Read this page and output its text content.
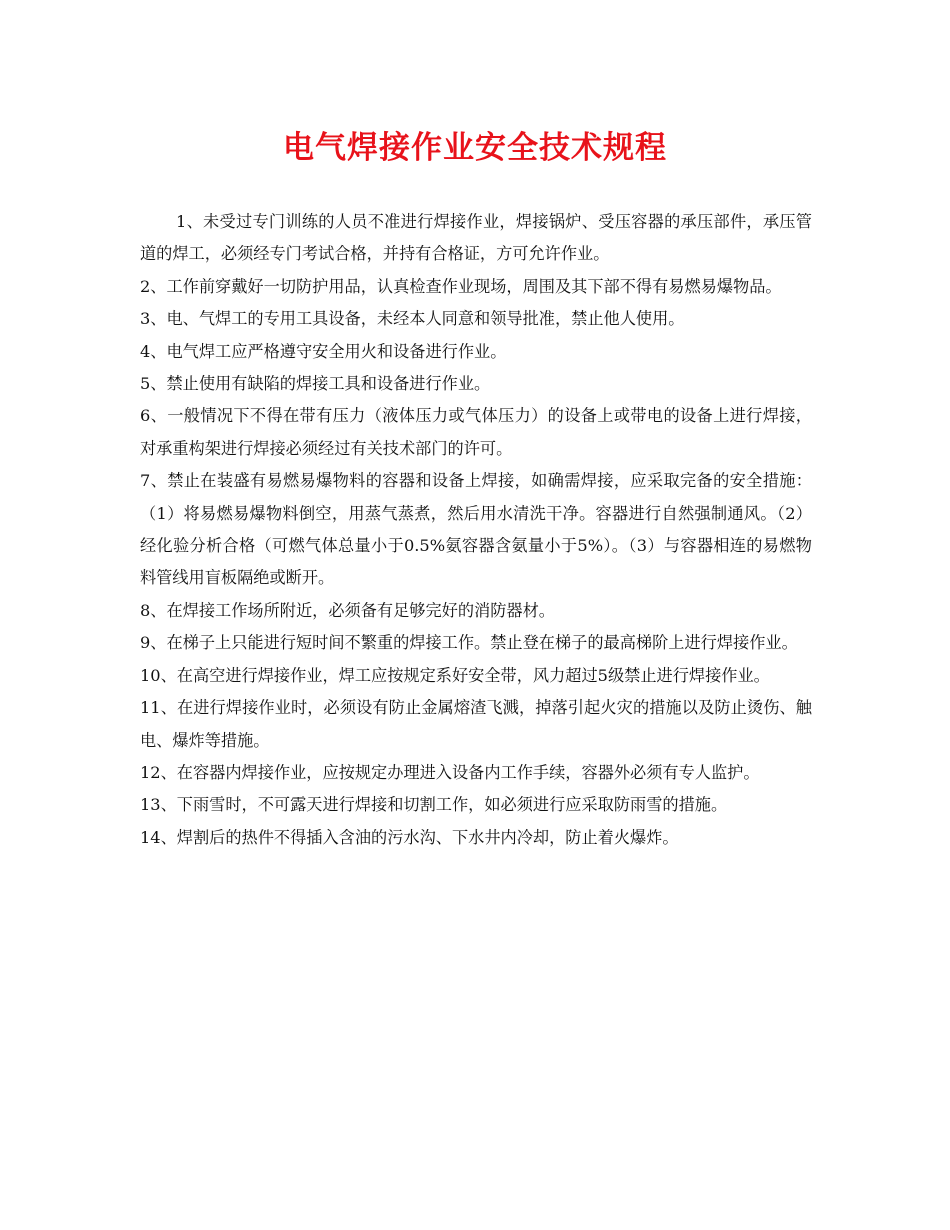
电气焊接作业安全技术规程

1、未受过专门训练的人员不准进行焊接作业，焊接锅炉、受压容器的承压部件，承压管道的焊工，必须经专门考试合格，并持有合格证，方可允许作业。

2、工作前穿戴好一切防护用品，认真检查作业现场，周围及其下部不得有易燃易爆物品。

3、电、气焊工的专用工具设备，未经本人同意和领导批准，禁止他人使用。

4、电气焊工应严格遵守安全用火和设备进行作业。

5、禁止使用有缺陷的焊接工具和设备进行作业。

6、一般情况下不得在带有压力（液体压力或气体压力）的设备上或带电的设备上进行焊接，对承重构架进行焊接必须经过有关技术部门的许可。

7、禁止在装盛有易燃易爆物料的容器和设备上焊接，如确需焊接，应采取完备的安全措施：（1）将易燃易爆物料倒空，用蒸气蒸煮，然后用水清洗干净。容器进行自然强制通风。（2）经化验分析合格（可燃气体总量小于0.5%氨容器含氨量小于5%）。（3）与容器相连的易燃物料管线用盲板隔绝或断开。

8、在焊接工作场所附近，必须备有足够完好的消防器材。

9、在梯子上只能进行短时间不繁重的焊接工作。禁止登在梯子的最高梯阶上进行焊接作业。

10、在高空进行焊接作业，焊工应按规定系好安全带，风力超过5级禁止进行焊接作业。

11、在进行焊接作业时，必须设有防止金属熔渣飞溅，掉落引起火灾的措施以及防止烫伤、触电、爆炸等措施。

12、在容器内焊接作业，应按规定办理进入设备内工作手续，容器外必须有专人监护。

13、下雨雪时，不可露天进行焊接和切割工作，如必须进行应采取防雨雪的措施。

14、焊割后的热件不得插入含油的污水沟、下水井内冷却，防止着火爆炸。
